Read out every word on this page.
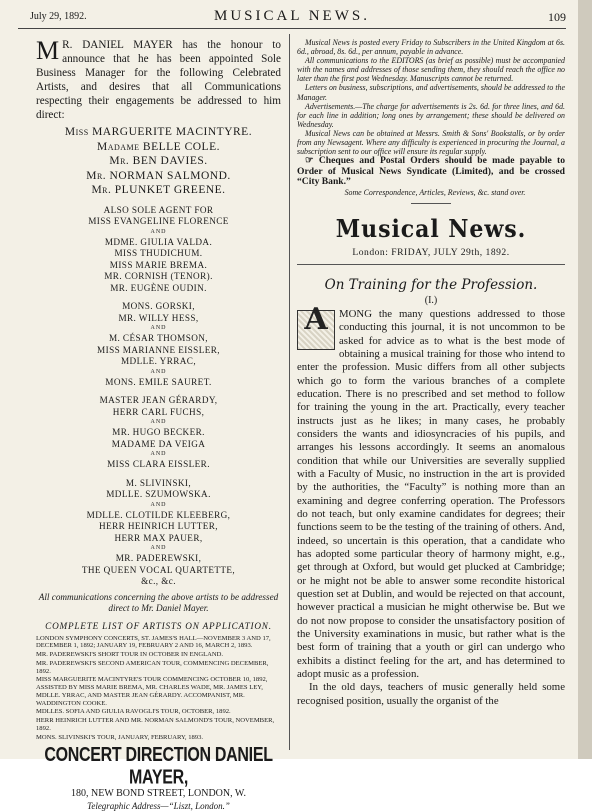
July 29, 1892.	MUSICAL NEWS.	109

M R. DANIEL MAYER has the honour to announce that he has been appointed Sole Business Manager for the following Celebrated Artists, and desires that all Communications respecting their engagements be addressed to him direct:

Miss MARGUERITE MACINTYRE.
Madame BELLE COLE.
Mr. BEN DAVIES.
Mr. NORMAN SALMOND.
Mr. PLUNKET GREENE.
ALSO SOLE AGENT FOR
MISS EVANGELINE FLORENCE
AND
MDME. GIULIA VALDA.
MISS THUDICHUM.
MISS MARIE BREMA.
MR. CORNISH (TENOR).
MR. EUGÈNE OUDIN.
MONS. GORSKI,
MR. WILLY HESS,
AND
M. CÉSAR THOMSON,
MISS MARIANNE EISSLER,
MDLLE. YRRAC,
AND
MONS. EMILE SAURET.
MASTER JEAN GÉRARDY,
HERR CARL FUCHS,
AND
MR. HUGO BECKER.
MADAME DA VEIGA
AND
MISS CLARA EISSLER.
M. SLIVINSKI,
MDLLE. SZUMOWSKA.
AND
MDLLE. CLOTILDE KLEEBERG,
HERR HEINRICH LUTTER,
HERR MAX PAUER,
AND
MR. PADEREWSKI,
THE QUEEN VOCAL QUARTETTE,
&c., &c.

All communications concerning the above artists to be addressed direct to Mr. Daniel Mayer.

COMPLETE LIST OF ARTISTS ON APPLICATION.

LONDON SYMPHONY CONCERTS, ST. JAMES'S HALL—NOVEMBER 3 AND 17, DECEMBER 1, 1892; JANUARY 19, FEBRUARY 2 AND 16, MARCH 2, 1893.

MR. PADEREWSKI'S SHORT TOUR IN OCTOBER IN ENGLAND.

MR. PADEREWSKI'S SECOND AMERICAN TOUR, COMMENCING DECEMBER, 1892.

MISS MARGUERITE MACINTYRE'S TOUR COMMENCING OCTOBER 10, 1892, ASSISTED BY MISS MARIE BREMA, MR. CHARLES WADE, MR. JAMES LEY, MDLLE. YRRAC, AND MASTER JEAN GÉRARDY. ACCOMPANIST, MR. WADDINGTON COOKE.

MDLLES. SOFIA AND GIULIA RAVOGLI'S TOUR, OCTOBER, 1892.

HERR HEINRICH LUTTER AND MR. NORMAN SALMOND'S TOUR, NOVEMBER, 1892.

MONS. SLIVINSKI'S TOUR, JANUARY, FEBRUARY, 1893.

CONCERT DIRECTION DANIEL MAYER,
180, NEW BOND STREET, LONDON, W.
Telegraphic Address—“Liszt, London.”

Musical News is posted every Friday to Subscribers in the United Kingdom at 6s. 6d., abroad, 8s. 6d., per annum, payable in advance.

All communications to the EDITORS (as brief as possible) must be accompanied with the names and addresses of those sending them, they should reach the office no later than the first post Wednesday. Manuscripts cannot be returned.

Letters on business, subscriptions, and advertisements, should be addressed to the Manager.

Advertisements.—The charge for advertisements is 2s. 6d. for three lines, and 6d. for each line in addition; long ones by arrangement; these should be delivered on Wednesday.

Musical News can be obtained at Messrs. Smith & Sons' Bookstalls, or by order from any Newsagent. Where any difficulty is experienced in procuring the Journal, a subscription sent to our office will ensure its regular supply.

☞ Cheques and Postal Orders should be made payable to Order of Musical News Syndicate (Limited), and be crossed “City Bank.”

Some Correspondence, Articles, Reviews, &c. stand over.

Musical News.
London: FRIDAY, JULY 29th, 1892.
On Training for the Profession.
(I.)
A	MONG the many questions addressed to those conducting this journal, it is not uncommon to be asked for advice as to what is the best mode of obtaining a musical training for those who intend to enter the profession. Music differs from all other subjects which go to form the various branches of a complete education. There is no prescribed and set method to follow for training the young in the art. Practically, every teacher instructs just as he likes; in many cases, he probably considers the wants and idiosyncracies of his pupils, and arranges his lessons accordingly. It seems an anomalous condition that while our Universities are severally supplied with a Faculty of Music, no instruction in the art is provided by the authorities, the “Faculty” is nothing more than an examining and degree conferring operation. The Professors do not teach, but only examine candidates for degrees; their functions seem to be the testing of the training of others. And, indeed, so uncertain is this operation, that a candidate who has adopted some particular theory of harmony might, e.g., get through at Oxford, but would get plucked at Cambridge; or he might not be able to answer some recondite historical question set at Dublin, and would be rejected on that account, however practical a musician he might otherwise be. But we do not now propose to consider the unsatisfactory position of the University examinations in music, but rather what is the best form of training that a youth or girl can undergo who exhibits a distinct feeling for the art, and has determined to adopt music as a profession.

In the old days, teachers of music generally held some recognised position, usually the organist of the
